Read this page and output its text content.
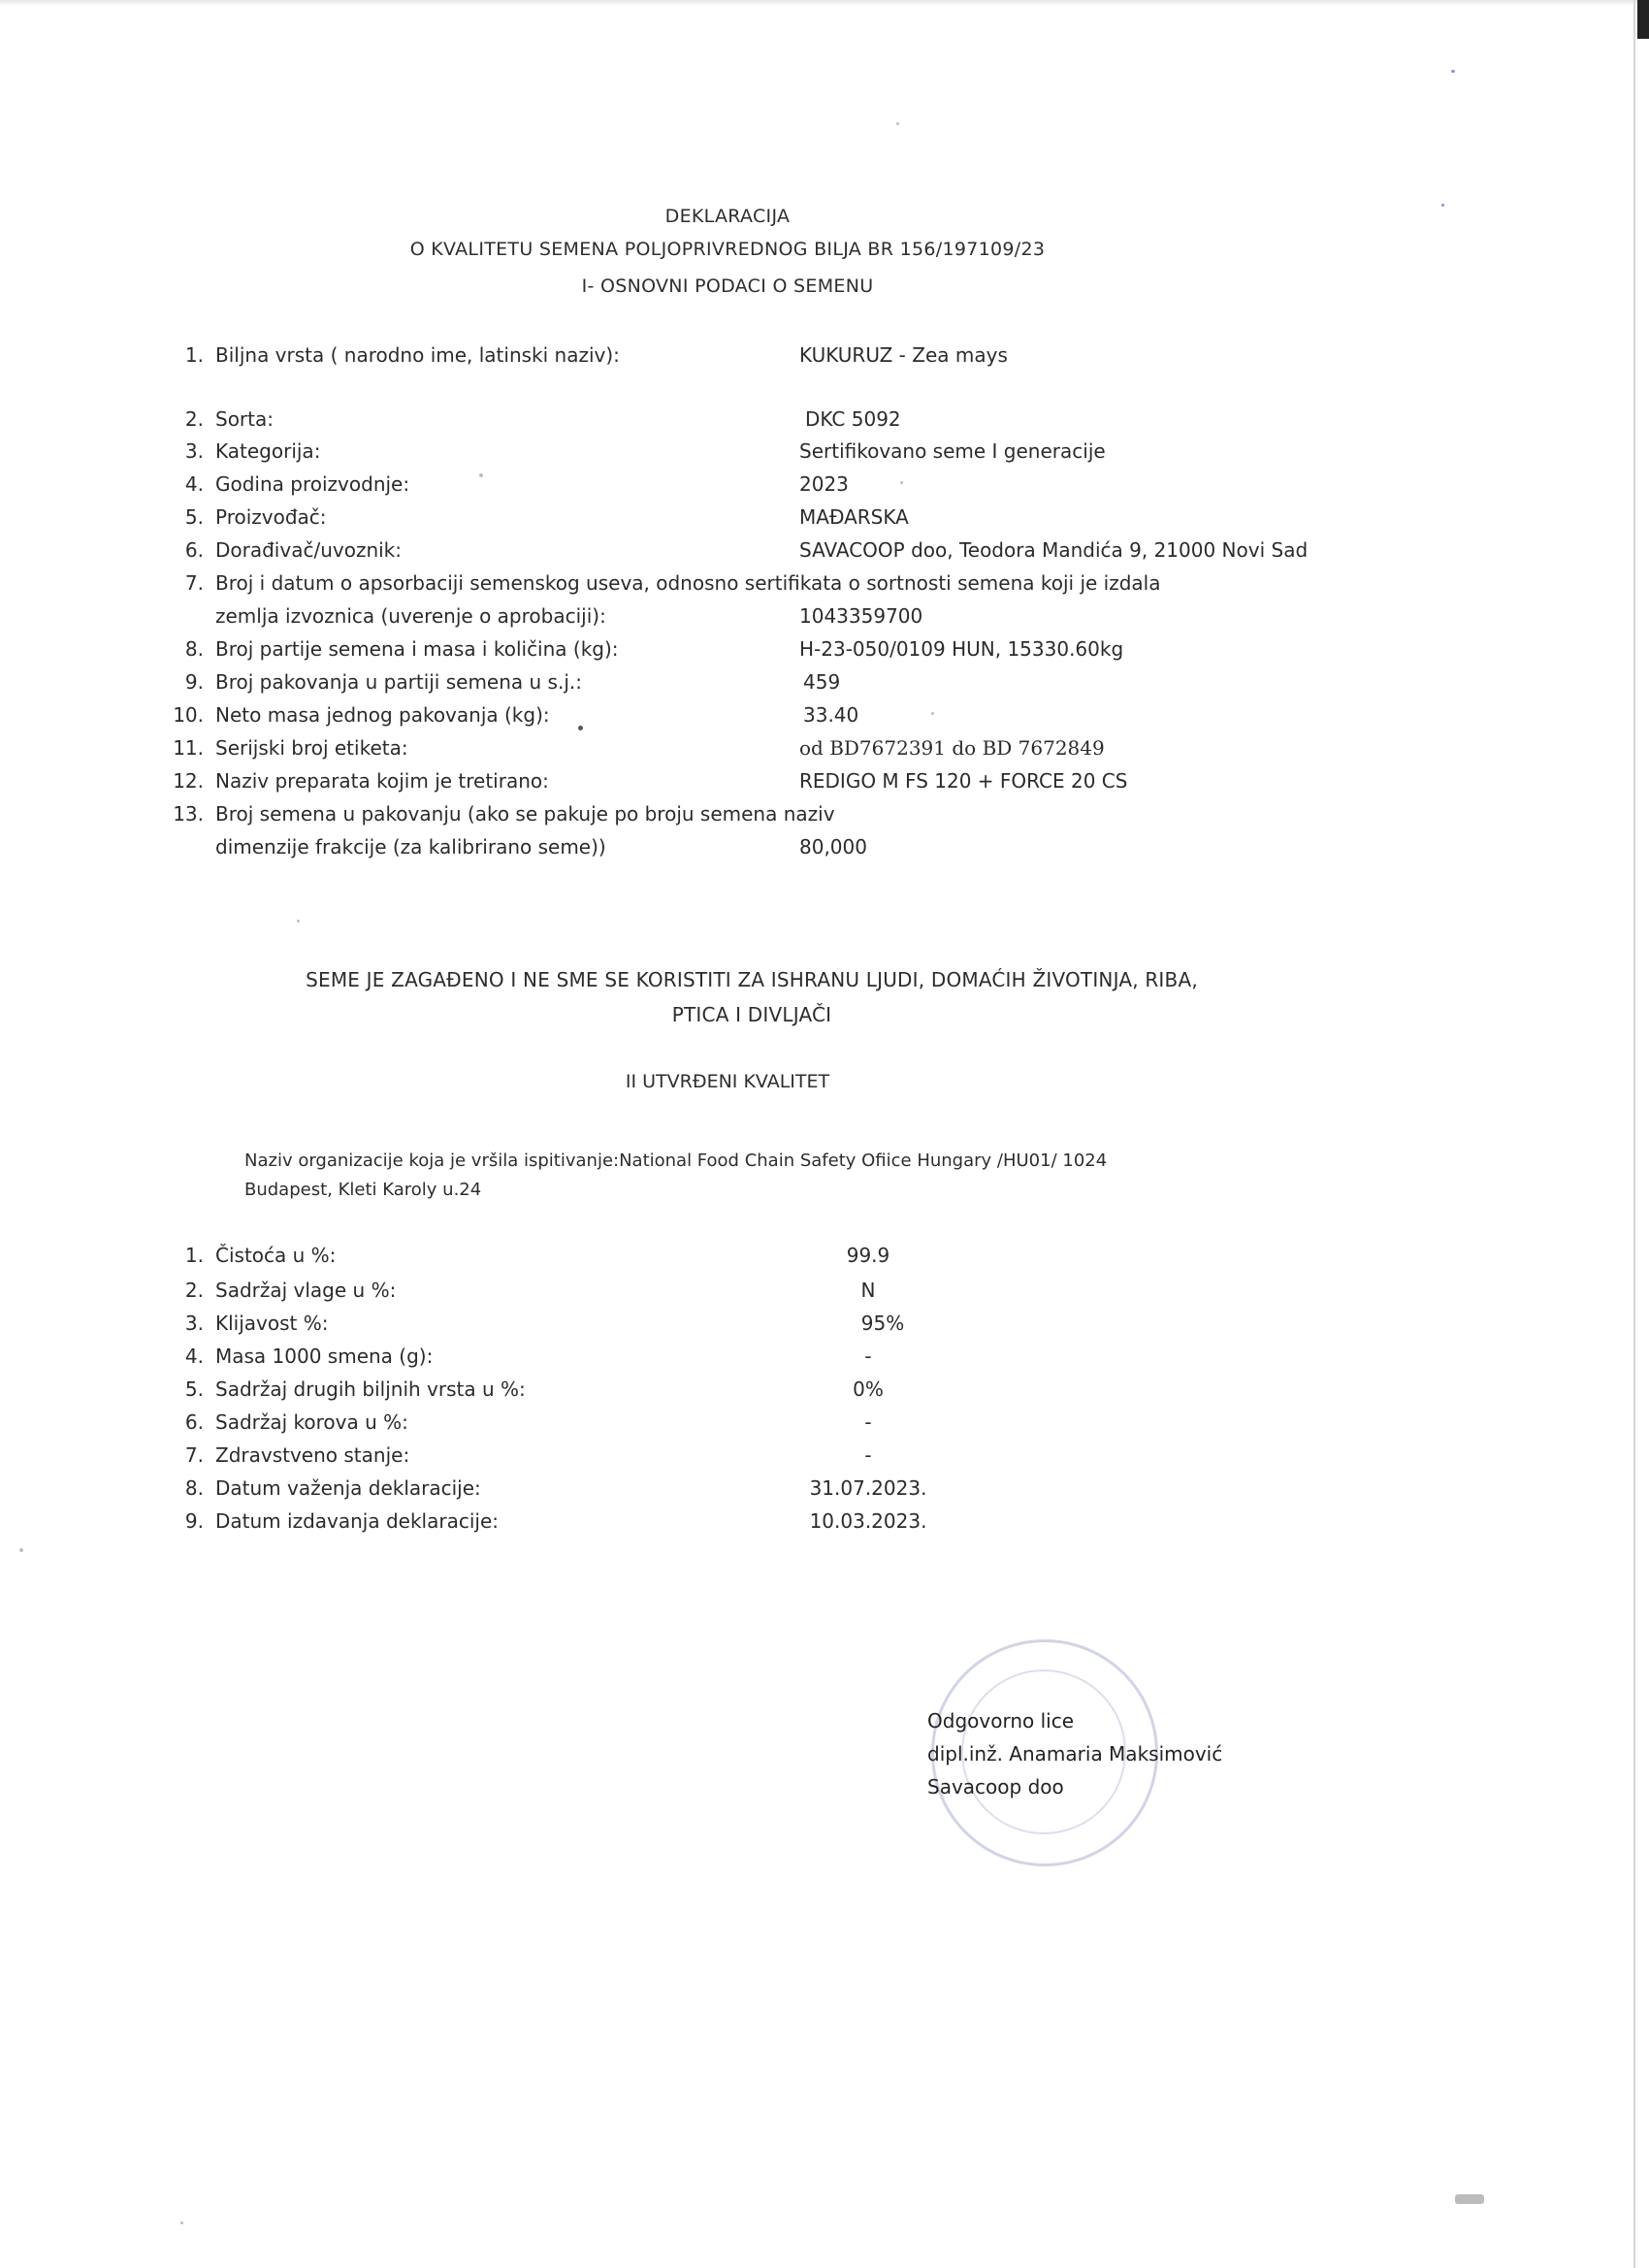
DEKLARACIJA
O KVALITETU SEMENA POLJOPRIVREDNOG BILJA BR 156/197109/23
I- OSNOVNI PODACI O SEMENU
1. Biljna vrsta ( narodno ime, latinski naziv):	KUKURUZ - Zea mays
2. Sorta:	DKC 5092
3. Kategorija:	Sertifikovano seme I generacije
4. Godina proizvodnje:	2023
5. Proizvođač:	MAĐARSKA
6. Dorađivač/uvoznik:	SAVACOOP doo, Teodora Mandića 9, 21000 Novi Sad
7. Broj i datum o apsorbaciji semenskog useva, odnosno sertifikata o sortnosti semena koji je izdala
zemlja izvoznica (uverenje o aprobaciji):	1043359700
8. Broj partije semena i masa i količina (kg):	H-23-050/0109 HUN, 15330.60kg
9. Broj pakovanja u partiji semena u s.j.:	459
10. Neto masa jednog pakovanja (kg):	33.40
11. Serijski broj etiketa:	od BD7672391 do BD 7672849
12. Naziv preparata kojim je tretirano:	REDIGO M FS 120 + FORCE 20 CS
13. Broj semena u pakovanju (ako se pakuje po broju semena naziv
dimenzije frakcije (za kalibrirano seme))	80,000
SEME JE ZAGAĐENO I NE SME SE KORISTITI ZA ISHRANU LJUDI, DOMAĆIH ŽIVOTINJA, RIBA,
PTICA I DIVLJAČI
II UTVRĐENI KVALITET
Naziv organizacije koja je vršila ispitivanje:National Food Chain Safety Ofiice Hungary /HU01/ 1024
Budapest, Kleti Karoly u.24
1. Čistoća u %:	99.9
2. Sadržaj vlage u %:	N
3. Klijavost %:	95%
4. Masa 1000 smena (g):	-
5. Sadržaj drugih biljnih vrsta u %:	0%
6. Sadržaj korova u %:	-
7. Zdravstveno stanje:	-
8. Datum važenja deklaracije:	31.07.2023.
9. Datum izdavanja deklaracije:	10.03.2023.
Odgovorno lice
dipl.inž. Anamaria Maksimović
Savacoop doo
